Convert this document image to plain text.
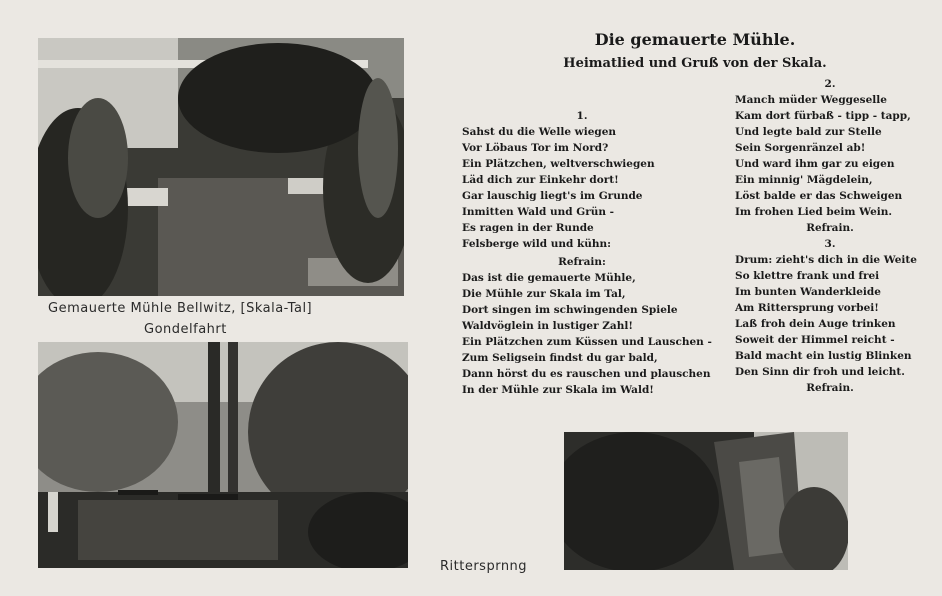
Gemauerte Mühle Bellwitz, [Skala-Tal]
Gondelfahrt
Rittersprnng
Die gemauerte Mühle.
Heimatlied und Gruß von der Skala.
1.
Sahst du die Welle wiegen
Vor Löbaus Tor im Nord?
Ein Plätzchen, weltverschwiegen
Läd dich zur Einkehr dort!
Gar lauschig liegt's im Grunde
Inmitten Wald und Grün -
Es ragen in der Runde
Felsberge wild und kühn:
Refrain:
Das ist die gemauerte Mühle,
Die Mühle zur Skala im Tal,
Dort singen im schwingenden Spiele
Waldvöglein in lustiger Zahl!
Ein Plätzchen zum Küssen und Lauschen -
Zum Seligsein findst du gar bald,
Dann hörst du es rauschen und plauschen
In der Mühle zur Skala im Wald!
2.
Manch müder Weggeselle
Kam dort fürbaß - tipp - tapp,
Und legte bald zur Stelle
Sein Sorgenränzel ab!
Und ward ihm gar zu eigen
Ein minnig' Mägdelein,
Löst balde er das Schweigen
Im frohen Lied beim Wein.
Refrain.
3.
Drum: zieht's dich in die Weite
So klettre frank und frei
Im bunten Wanderkleide
Am Rittersprung vorbei!
Laß froh dein Auge trinken
Soweit der Himmel reicht -
Bald macht ein lustig Blinken
Den Sinn dir froh und leicht.
Refrain.
